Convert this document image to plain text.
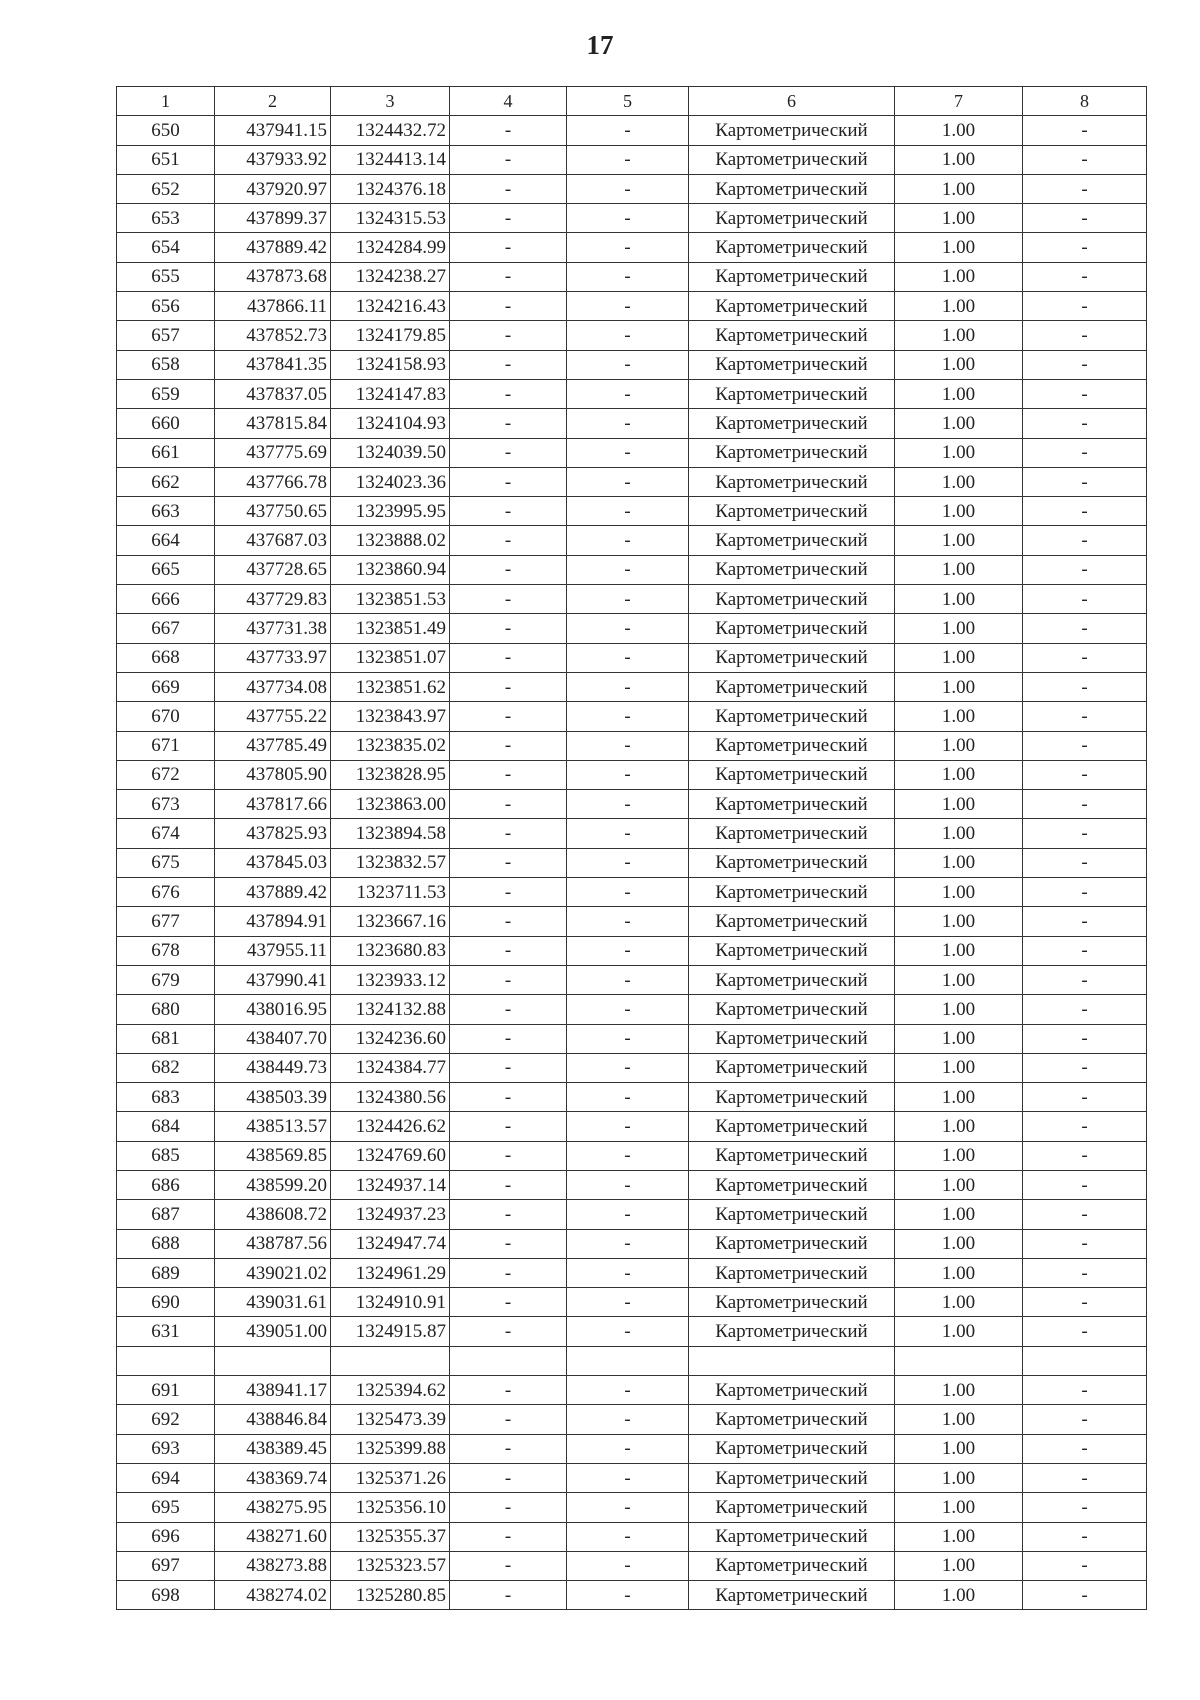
17
1	2	3	4	5	6	7	8
650	437941.15	1324432.72	-	-	Картометрический	1.00	-
651	437933.92	1324413.14	-	-	Картометрический	1.00	-
652	437920.97	1324376.18	-	-	Картометрический	1.00	-
653	437899.37	1324315.53	-	-	Картометрический	1.00	-
654	437889.42	1324284.99	-	-	Картометрический	1.00	-
655	437873.68	1324238.27	-	-	Картометрический	1.00	-
656	437866.11	1324216.43	-	-	Картометрический	1.00	-
657	437852.73	1324179.85	-	-	Картометрический	1.00	-
658	437841.35	1324158.93	-	-	Картометрический	1.00	-
659	437837.05	1324147.83	-	-	Картометрический	1.00	-
660	437815.84	1324104.93	-	-	Картометрический	1.00	-
661	437775.69	1324039.50	-	-	Картометрический	1.00	-
662	437766.78	1324023.36	-	-	Картометрический	1.00	-
663	437750.65	1323995.95	-	-	Картометрический	1.00	-
664	437687.03	1323888.02	-	-	Картометрический	1.00	-
665	437728.65	1323860.94	-	-	Картометрический	1.00	-
666	437729.83	1323851.53	-	-	Картометрический	1.00	-
667	437731.38	1323851.49	-	-	Картометрический	1.00	-
668	437733.97	1323851.07	-	-	Картометрический	1.00	-
669	437734.08	1323851.62	-	-	Картометрический	1.00	-
670	437755.22	1323843.97	-	-	Картометрический	1.00	-
671	437785.49	1323835.02	-	-	Картометрический	1.00	-
672	437805.90	1323828.95	-	-	Картометрический	1.00	-
673	437817.66	1323863.00	-	-	Картометрический	1.00	-
674	437825.93	1323894.58	-	-	Картометрический	1.00	-
675	437845.03	1323832.57	-	-	Картометрический	1.00	-
676	437889.42	1323711.53	-	-	Картометрический	1.00	-
677	437894.91	1323667.16	-	-	Картометрический	1.00	-
678	437955.11	1323680.83	-	-	Картометрический	1.00	-
679	437990.41	1323933.12	-	-	Картометрический	1.00	-
680	438016.95	1324132.88	-	-	Картометрический	1.00	-
681	438407.70	1324236.60	-	-	Картометрический	1.00	-
682	438449.73	1324384.77	-	-	Картометрический	1.00	-
683	438503.39	1324380.56	-	-	Картометрический	1.00	-
684	438513.57	1324426.62	-	-	Картометрический	1.00	-
685	438569.85	1324769.60	-	-	Картометрический	1.00	-
686	438599.20	1324937.14	-	-	Картометрический	1.00	-
687	438608.72	1324937.23	-	-	Картометрический	1.00	-
688	438787.56	1324947.74	-	-	Картометрический	1.00	-
689	439021.02	1324961.29	-	-	Картометрический	1.00	-
690	439031.61	1324910.91	-	-	Картометрический	1.00	-
631	439051.00	1324915.87	-	-	Картометрический	1.00	-

691	438941.17	1325394.62	-	-	Картометрический	1.00	-
692	438846.84	1325473.39	-	-	Картометрический	1.00	-
693	438389.45	1325399.88	-	-	Картометрический	1.00	-
694	438369.74	1325371.26	-	-	Картометрический	1.00	-
695	438275.95	1325356.10	-	-	Картометрический	1.00	-
696	438271.60	1325355.37	-	-	Картометрический	1.00	-
697	438273.88	1325323.57	-	-	Картометрический	1.00	-
698	438274.02	1325280.85	-	-	Картометрический	1.00	-
